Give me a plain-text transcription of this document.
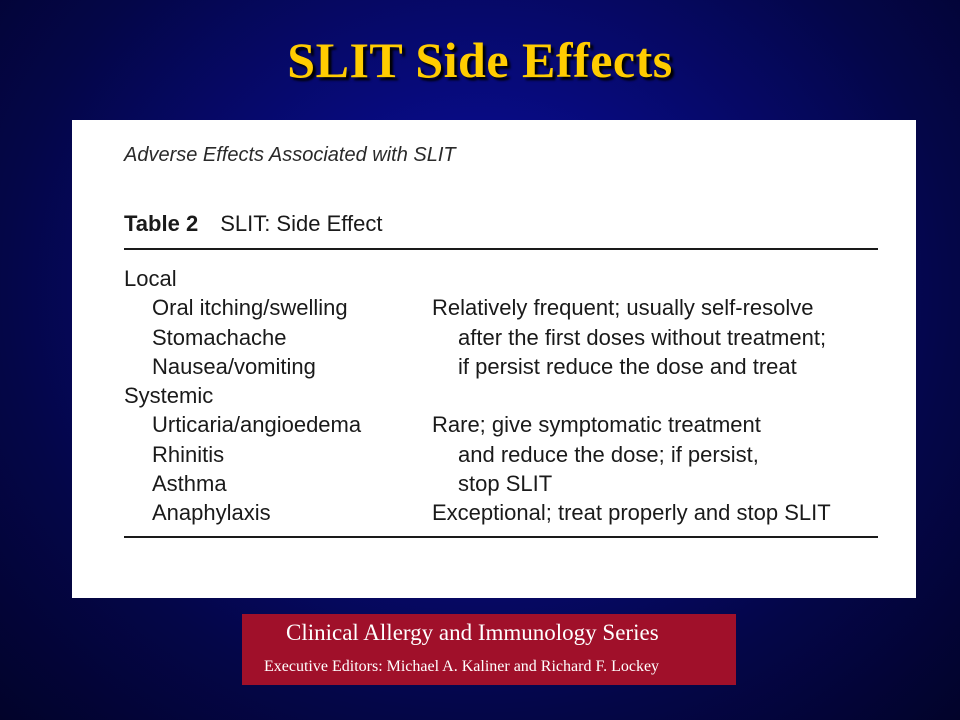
SLIT Side Effects
Adverse Effects Associated with SLIT
Table 2 SLIT: Side Effect
Local
Oral itching/swelling	Relatively frequent; usually self-resolve
Stomachache	after the first doses without treatment;
Nausea/vomiting	if persist reduce the dose and treat
Systemic
Urticaria/angioedema	Rare; give symptomatic treatment
Rhinitis	and reduce the dose; if persist,
Asthma	stop SLIT
Anaphylaxis	Exceptional; treat properly and stop SLIT
Clinical Allergy and Immunology Series
Executive Editors: Michael A. Kaliner and Richard F. Lockey
